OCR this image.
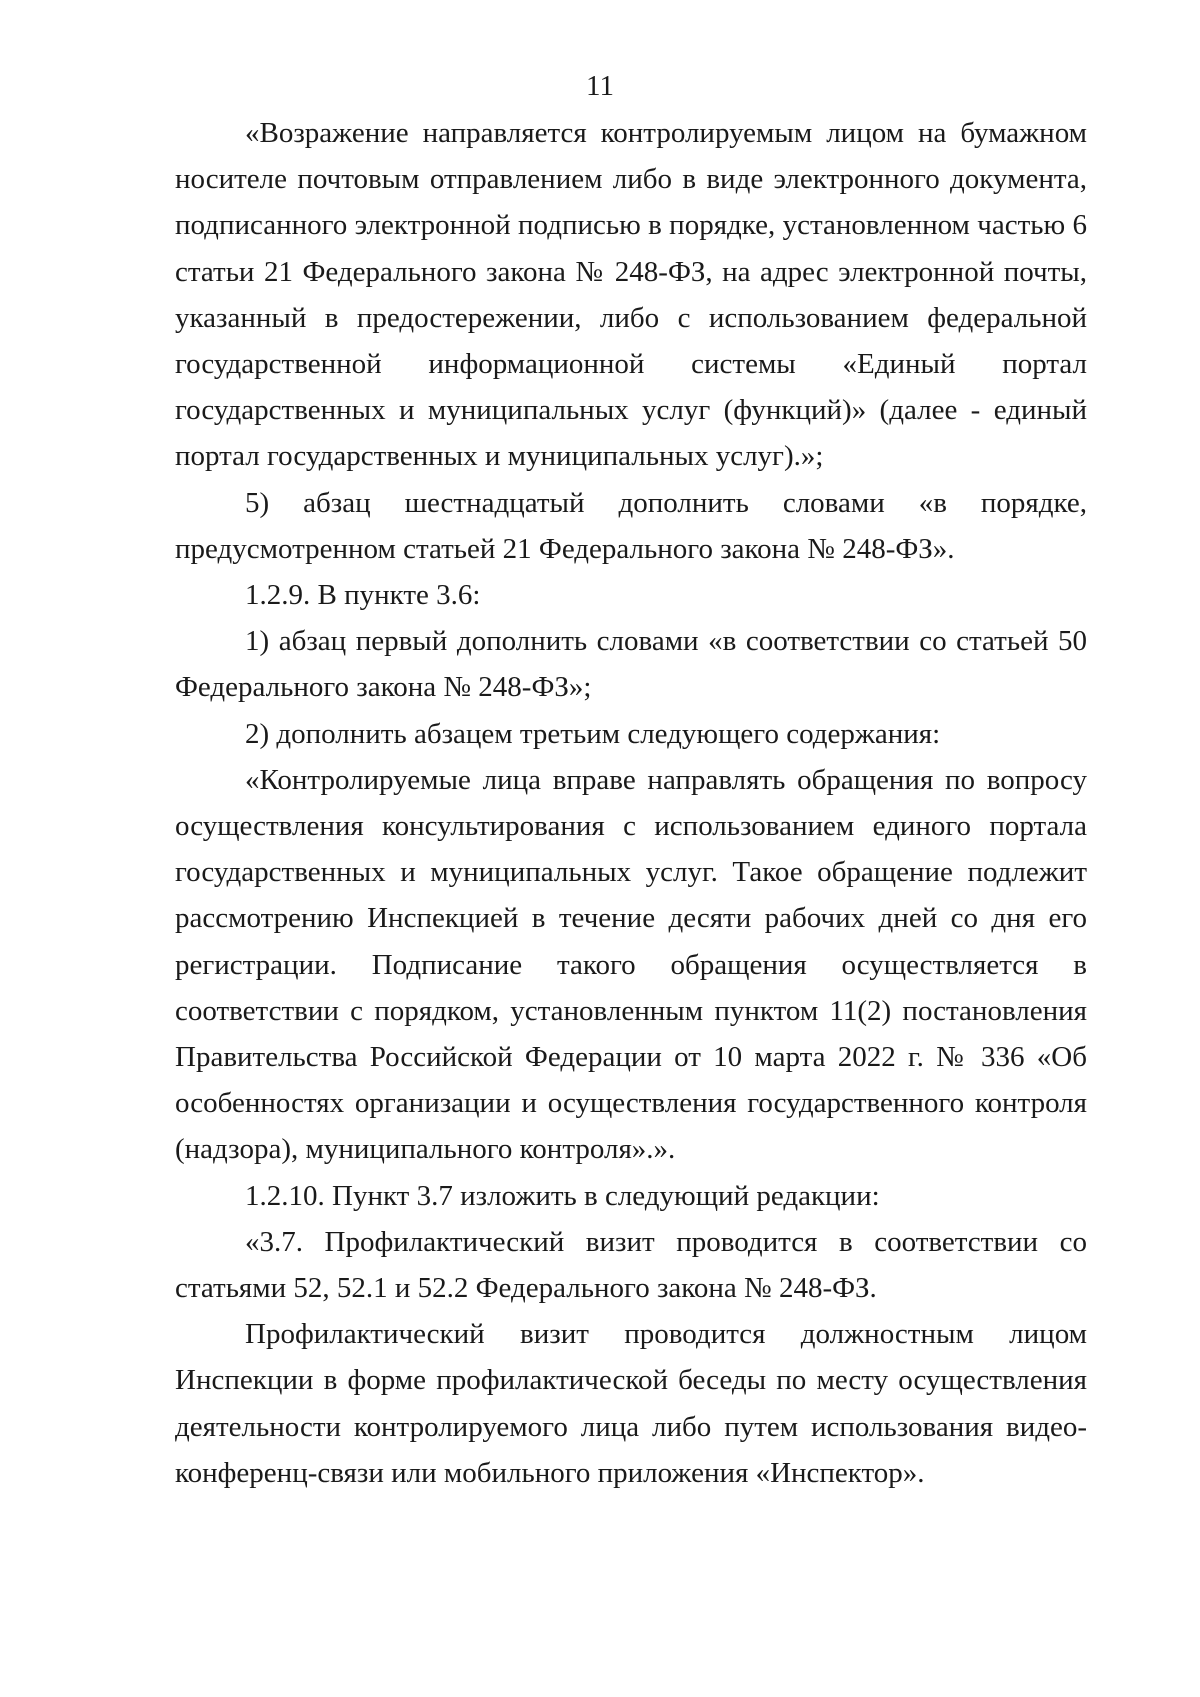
11

«Возражение направляется контролируемым лицом на бумажном носителе почтовым отправлением либо в виде электронного документа, подписанного электронной подписью в порядке, установленном частью 6 статьи 21 Федерального закона № 248-ФЗ, на адрес электронной почты, указанный в предостережении, либо с использованием федеральной государственной информационной системы «Единый портал государственных и муниципальных услуг (функций)» (далее - единый портал государственных и муниципальных услуг).»;

5) абзац шестнадцатый дополнить словами «в порядке, предусмотренном статьей 21 Федерального закона № 248-ФЗ».

1.2.9. В пункте 3.6:

1) абзац первый дополнить словами «в соответствии со статьей 50 Федерального закона № 248-ФЗ»;

2) дополнить абзацем третьим следующего содержания:

«Контролируемые лица вправе направлять обращения по вопросу осуществления консультирования с использованием единого портала государственных и муниципальных услуг. Такое обращение подлежит рассмотрению Инспекцией в течение десяти рабочих дней со дня его регистрации. Подписание такого обращения осуществляется в соответствии с порядком, установленным пунктом 11(2) постановления Правительства Российской Федерации от 10 марта 2022 г. № 336 «Об особенностях организации и осуществления государственного контроля (надзора), муниципального контроля».».

1.2.10. Пункт 3.7 изложить в следующий редакции:

«3.7. Профилактический визит проводится в соответствии со статьями 52, 52.1 и 52.2 Федерального закона № 248-ФЗ.

Профилактический визит проводится должностным лицом Инспекции в форме профилактической беседы по месту осуществления деятельности контролируемого лица либо путем использования видео-конференц-связи или мобильного приложения «Инспектор».
